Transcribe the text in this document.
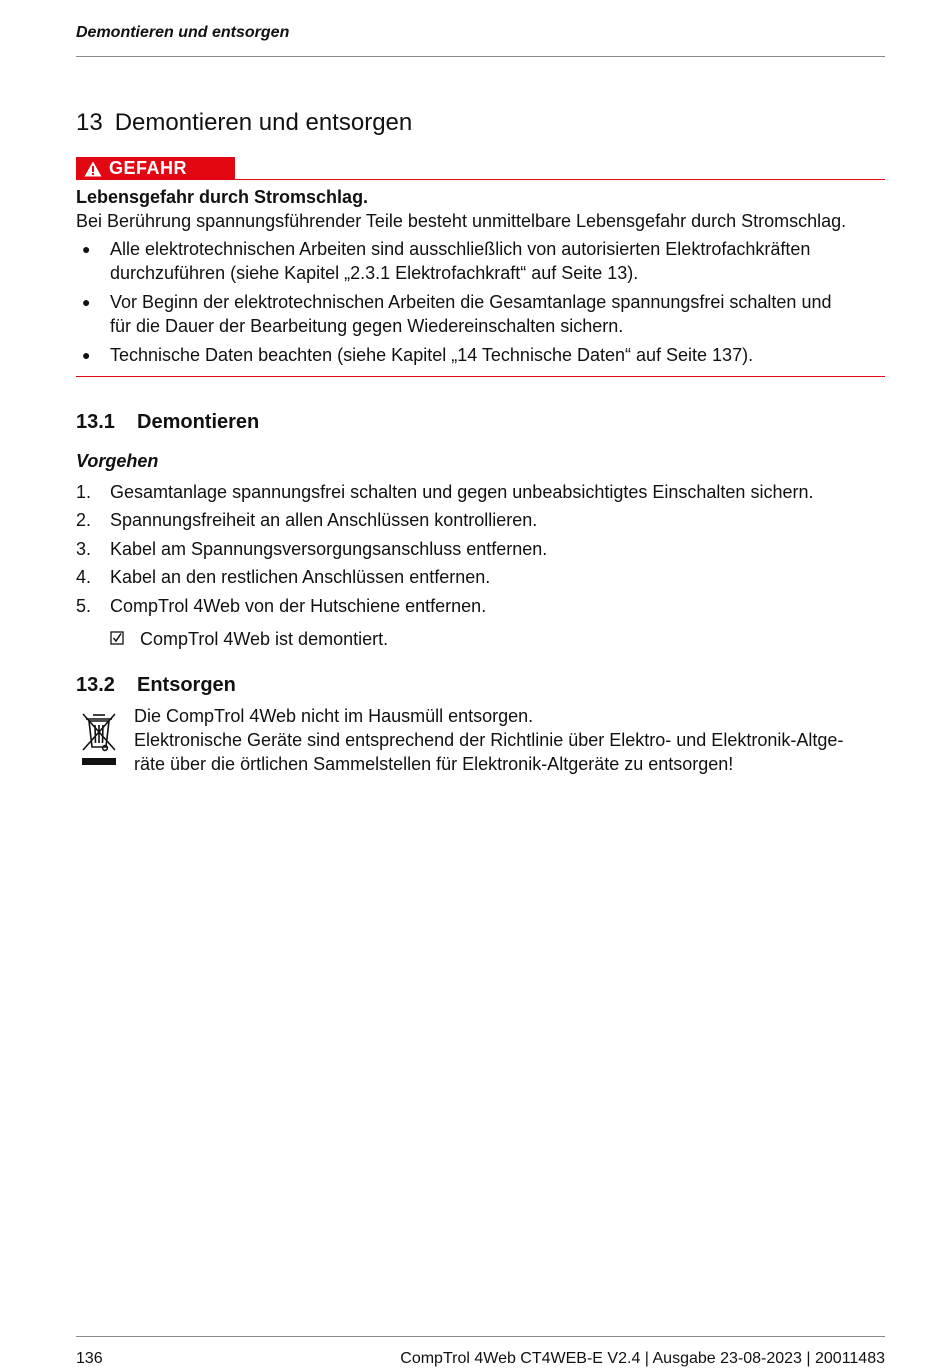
Demontieren und entsorgen
13 Demontieren und entsorgen
GEFAHR
Lebensgefahr durch Stromschlag.
Bei Berührung spannungsführender Teile besteht unmittelbare Lebensgefahr durch Stromschlag.
● Alle elektrotechnischen Arbeiten sind ausschließlich von autorisierten Elektrofachkräften
durchzuführen (siehe Kapitel „2.3.1 Elektrofachkraft“ auf Seite 13).
● Vor Beginn der elektrotechnischen Arbeiten die Gesamtanlage spannungsfrei schalten und
für die Dauer der Bearbeitung gegen Wiedereinschalten sichern.
● Technische Daten beachten (siehe Kapitel „14 Technische Daten“ auf Seite 137).
13.1 Demontieren
Vorgehen
1. Gesamtanlage spannungsfrei schalten und gegen unbeabsichtigtes Einschalten sichern.
2. Spannungsfreiheit an allen Anschlüssen kontrollieren.
3. Kabel am Spannungsversorgungsanschluss entfernen.
4. Kabel an den restlichen Anschlüssen entfernen.
5. CompTrol 4Web von der Hutschiene entfernen.
CompTrol 4Web ist demontiert.
13.2 Entsorgen
Die CompTrol 4Web nicht im Hausmüll entsorgen.
Elektronische Geräte sind entsprechend der Richtlinie über Elektro- und Elektronik-Altge-
räte über die örtlichen Sammelstellen für Elektronik-Altgeräte zu entsorgen!
136	CompTrol 4Web CT4WEB-E V2.4 | Ausgabe 23-08-2023 | 20011483
